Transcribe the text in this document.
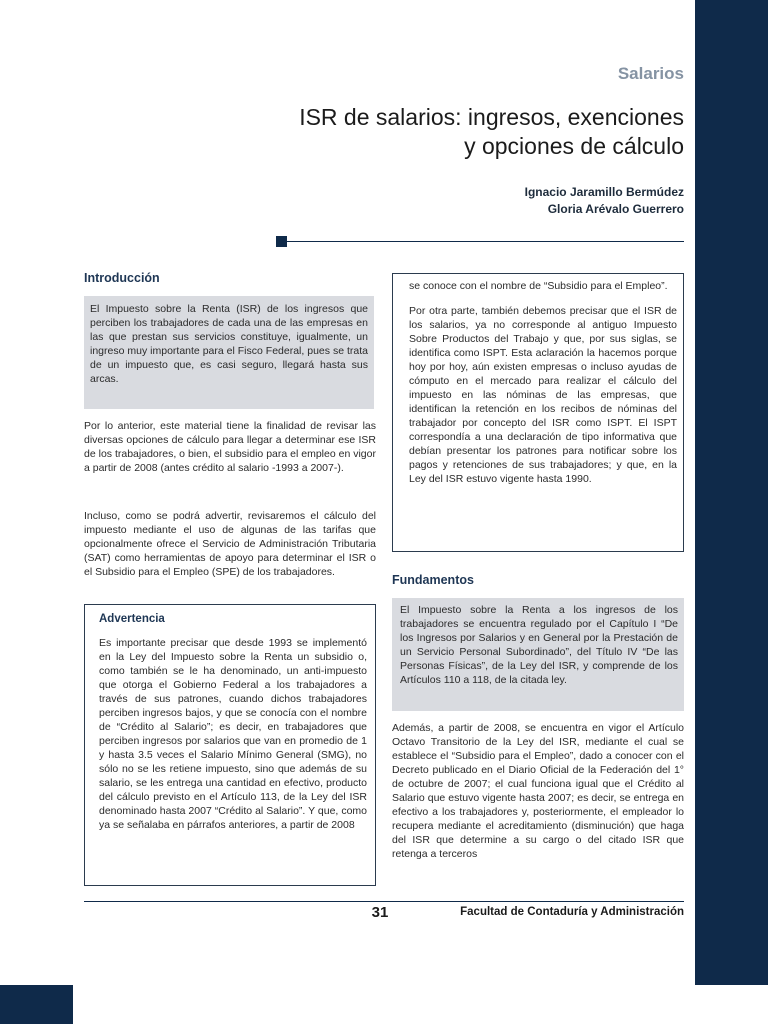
Salarios
ISR de salarios: ingresos, exenciones
y opciones de cálculo
Ignacio Jaramillo Bermúdez
Gloria Arévalo Guerrero
Introducción
El Impuesto sobre la Renta (ISR) de los ingresos que perciben los trabajadores de cada una de las empresas en las que prestan sus servicios constituye, igualmente, un ingreso muy importante para el Fisco Federal, pues se trata de un impuesto que, es casi seguro, llegará hasta sus arcas.
Por lo anterior, este material tiene la finalidad de revisar las diversas opciones de cálculo para llegar a determinar ese ISR de los trabajadores, o bien, el subsidio para el empleo en vigor a partir de 2008 (antes crédito al salario -1993 a 2007-).
Incluso, como se podrá advertir, revisaremos el cálculo del impuesto mediante el uso de algunas de las tarifas que opcionalmente ofrece el Servicio de Administración Tributaria (SAT) como herramientas de apoyo para determinar el ISR o el Subsidio para el Empleo (SPE) de los trabajadores.
Advertencia
Es importante precisar que desde 1993 se implementó en la Ley del Impuesto sobre la Renta un subsidio o, como también se le ha denominado, un anti-impuesto que otorga el Gobierno Federal a los trabajadores a través de sus patrones, cuando dichos trabajadores perciben ingresos bajos, y que se conocía con el nombre de “Crédito al Salario”; es decir, en trabajadores que perciben ingresos por salarios que van en promedio de 1 y hasta 3.5 veces el Salario Mínimo General (SMG), no sólo no se les retiene impuesto, sino que además de su salario, se les entrega una cantidad en efectivo, producto del cálculo previsto en el Artículo 113, de la Ley del ISR denominado hasta 2007 “Crédito al Salario”. Y que, como ya se señalaba en párrafos anteriores, a partir de 2008

se conoce con el nombre de “Subsidio para el Empleo”.

Por otra parte, también debemos precisar que el ISR de los salarios, ya no corresponde al antiguo Impuesto Sobre Productos del Trabajo y que, por sus siglas, se identifica como ISPT. Esta aclaración la hacemos porque hoy por hoy, aún existen empresas o incluso ayudas de cómputo en el mercado para realizar el cálculo del impuesto en las nóminas de las empresas, que identifican la retención en los recibos de nóminas del trabajador por concepto del ISR como ISPT. El ISPT correspondía a una declaración de tipo informativa que debían presentar los patrones para notificar sobre los pagos y retenciones de sus trabajadores; y que, en la Ley del ISR estuvo vigente hasta 1990.

Fundamentos
El Impuesto sobre la Renta a los ingresos de los trabajadores se encuentra regulado por el Capítulo I “De los Ingresos por Salarios y en General por la Prestación de un Servicio Personal Subordinado”, del Título IV “De las Personas Físicas”, de la Ley del ISR, y comprende de los Artículos 110 a 118, de la citada ley.
Además, a partir de 2008, se encuentra en vigor el Artículo Octavo Transitorio de la Ley del ISR, mediante el cual se establece el “Subsidio para el Empleo”, dado a conocer con el Decreto publicado en el Diario Oficial de la Federación del 1° de octubre de 2007; el cual funciona igual que el Crédito al Salario que estuvo vigente hasta 2007; es decir, se entrega en efectivo a los trabajadores y, posteriormente, el empleador lo recupera mediante el acreditamiento (disminución) que haga del ISR que determine a su cargo o del citado ISR que retenga a terceros
31	Facultad de Contaduría y Administración
